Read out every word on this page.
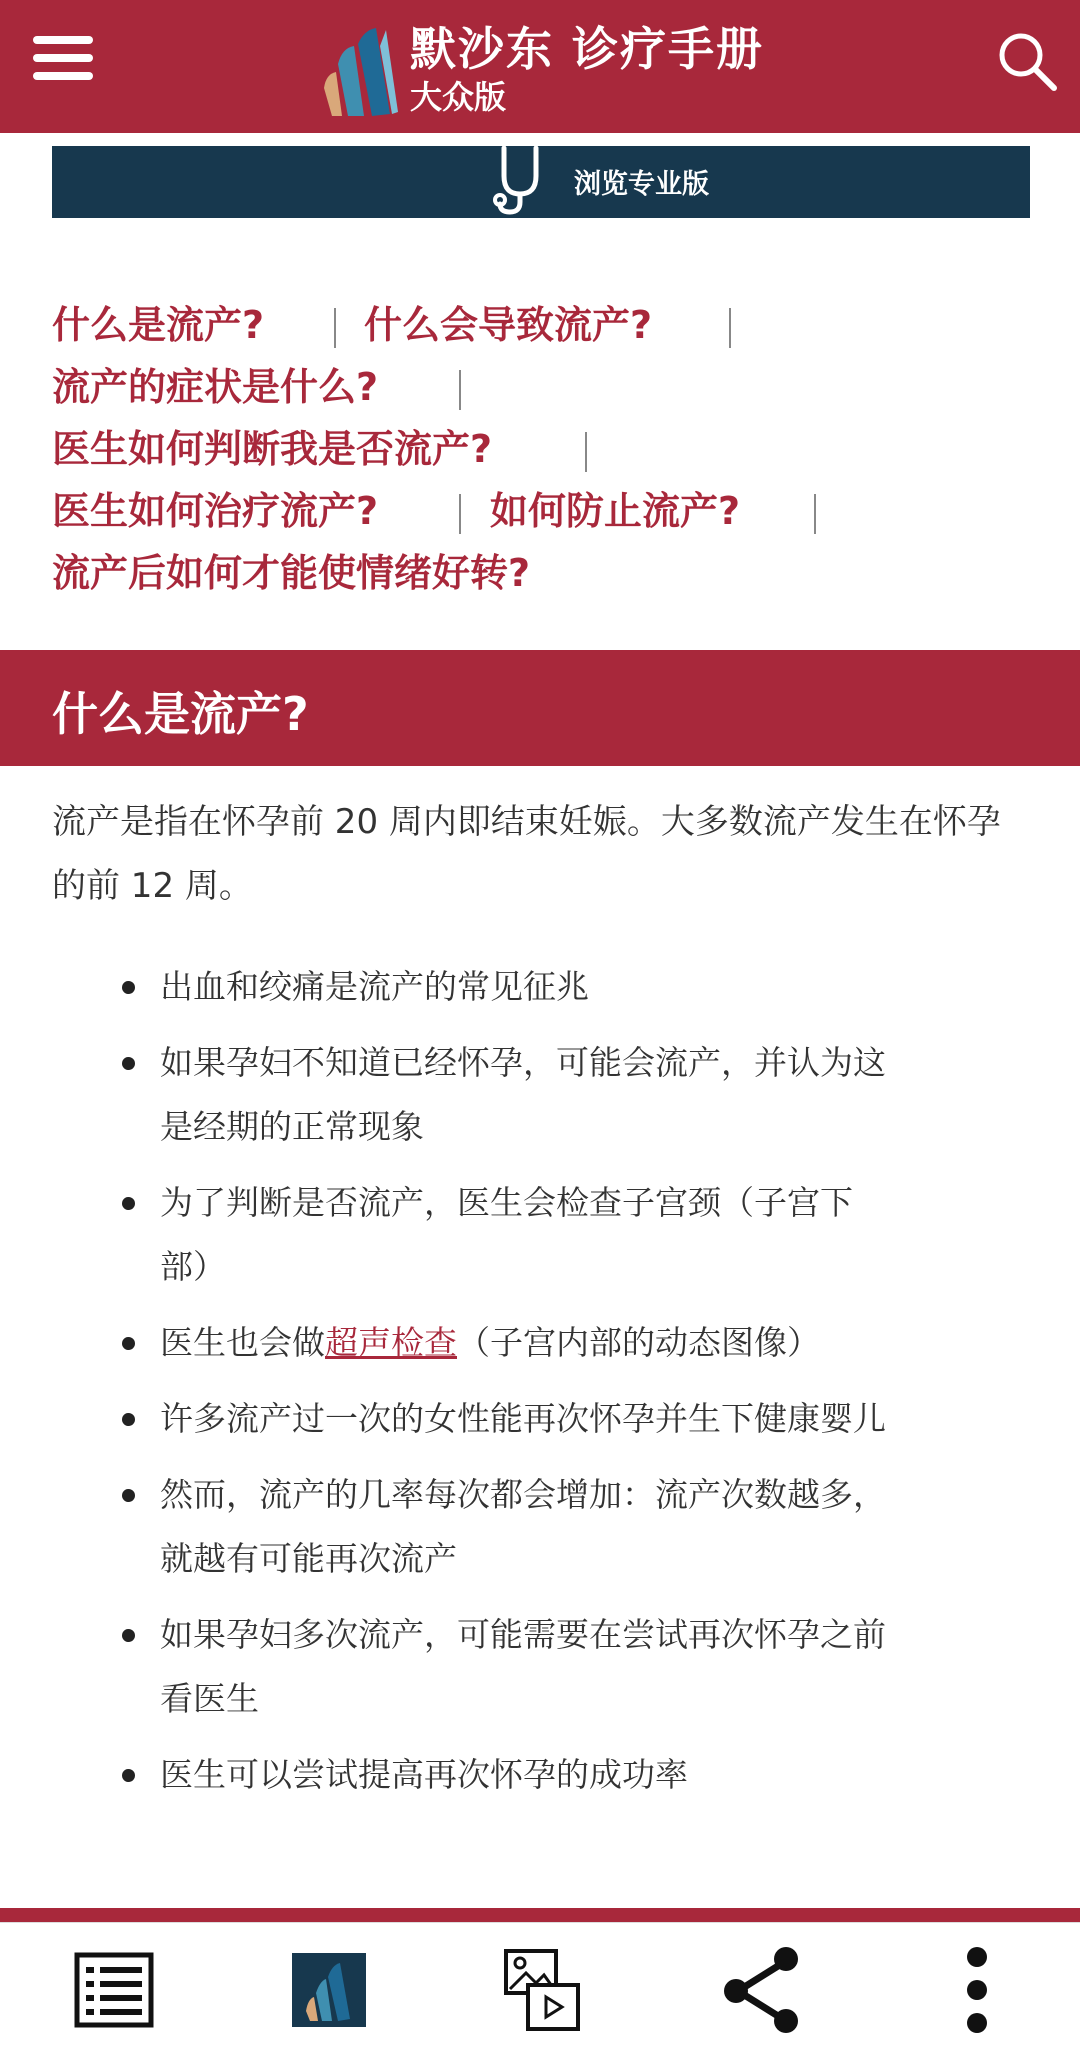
默沙东 诊疗手册
大众版
浏览专业版
什么是流产?	什么会导致流产?
流产的症状是什么?
医生如何判断我是否流产?
医生如何治疗流产?	如何防止流产?
流产后如何才能使情绪好转?
什么是流产?

流产是指在怀孕前 20 周内即结束妊娠。大多数流产发生在怀孕的前 12 周。

出血和绞痛是流产的常见征兆
如果孕妇不知道已经怀孕，可能会流产，并认为这是经期的正常现象
为了判断是否流产，医生会检查子宫颈（子宫下部）
医生也会做超声检查（子宫内部的动态图像）
许多流产过一次的女性能再次怀孕并生下健康婴儿
然而，流产的几率每次都会增加：流产次数越多，就越有可能再次流产
如果孕妇多次流产，可能需要在尝试再次怀孕之前看医生
医生可以尝试提高再次怀孕的成功率
